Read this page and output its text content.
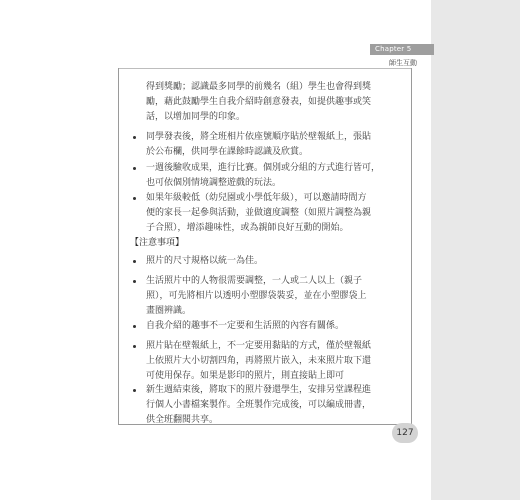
Chapter 5
師生互動
得到獎勵；認識最多同學的前幾名（組）學生也會得到獎
勵，藉此鼓勵學生自我介紹時創意發表，如提供趣事或笑
話，以增加同學的印象。
同學發表後，將全班相片依座號順序貼於壁報紙上，張貼
於公布欄，供同學在課餘時認識及欣賞。
一週後驗收成果，進行比賽。個別或分組的方式進行皆可，
也可依個別情境調整遊戲的玩法。
如果年級較低（幼兒園或小學低年級），可以邀請時間方
便的家長一起參與活動，並做適度調整（如照片調整為親
子合照），增添趣味性，或為親師良好互動的開始。
【注意事項】
照片的尺寸規格以統一為佳。
生活照片中的人物很需要調整，一人或二人以上（親子
照），可先將相片以透明小塑膠袋裝妥，並在小塑膠袋上
畫圈辨識。
自我介紹的趣事不一定要和生活照的內容有關係。
照片貼在壁報紙上，不一定要用黏貼的方式，僅於壁報紙
上依照片大小切割四角，再將照片嵌入，未來照片取下還
可使用保存。如果是影印的照片，則直接貼上即可
新生週結束後，將取下的照片發還學生，安排另堂課程進
行個人小書檔案製作。全班製作完成後，可以編成冊書，
供全班翻閱共享。
127
